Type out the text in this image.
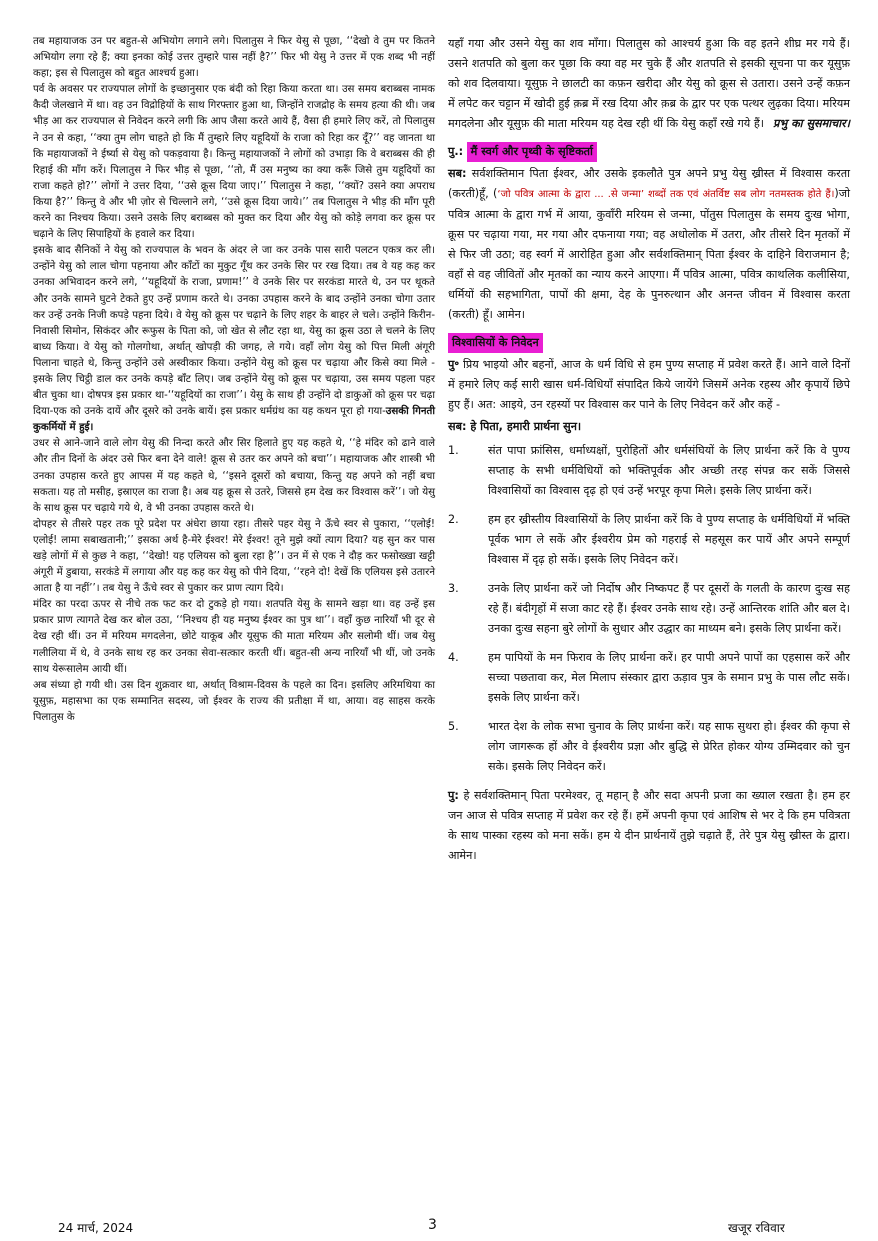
तब महायाजक उन पर बहुत-से अभियोग लगाने लगे। पिलातुस ने फिर येसु से पूछा, ‘‘देखो वे तुम पर कितने अभियोग लगा रहे हैं; क्या इनका कोई उत्तर तुम्हारे पास नहीं है?’’ फिर भी येसु ने उत्तर में एक शब्द भी नहीं कहा; इस से पिलातुस को बहुत आश्चर्य हुआ।

पर्व के अवसर पर राज्यपाल लोगों के इच्छानुसार एक बंदी को रिहा किया करता था। उस समय बराब्बस नामक कैदी जेलखाने में था। वह उन विद्रोहियों के साथ गिरफ्तार हुआ था, जिन्होंने राजद्रोह के समय हत्या की थी। जब भीड़ आ कर राज्यपाल से निवेदन करने लगी कि आप जैसा करते आये हैं, वैसा ही हमारे लिए करें, तो पिलातुस ने उन से कहा, ‘‘क्या तुम लोग चाहते हो कि मैं तुम्हारे लिए यहूदियों के राजा को रिहा कर दूँ?’’ वह जानता था कि महायाजकों ने ईर्ष्या से येसु को पकड़वाया है। किन्तु महायाजकों ने लोगों को उभाड़ा कि वे बराब्बस की ही रिहाई की माँग करें। पिलातुस ने फिर भीड़ से पूछा, ‘‘तो, मैं उस मनुष्य का क्या करूँ जिसे तुम यहूदियों का राजा कहते हो?’’ लोगों ने उत्तर दिया, ‘‘उसे क्रूस दिया जाए।’’ पिलातुस ने कहा, ‘‘क्यों? उसने क्या अपराध किया है?’’ किन्तु वे और भी ज़ोर से चिल्लाने लगे, ‘‘उसे क्रूस दिया जाये।’’ तब पिलातुस ने भीड़ की माँग पूरी करने का निश्चय किया। उसने उसके लिए बराब्बस को मुक्त कर दिया और येसु को कोड़े लगवा कर क्रूस पर चढ़ाने के लिए सिपाहियों के हवाले कर दिया।

इसके बाद सैनिकों ने येसु को राज्यपाल के भवन के अंदर ले जा कर उनके पास सारी पलटन एकत्र कर ली। उन्होंने येसु को लाल चोगा पहनाया और काँटों का मुकुट गूँथ कर उनके सिर पर रख दिया। तब वे यह कह कर उनका अभिवादन करने लगे, ‘‘यहूदियों के राजा, प्रणाम!’’ वे उनके सिर पर सरकंडा मारते थे, उन पर थूकते और उनके सामने घुटने टेकते हुए उन्हें प्रणाम करते थे। उनका उपहास करने के बाद उन्होंने उनका चोगा उतार कर उन्हें उनके निजी कपड़े पहना दिये। वे येसु को क्रूस पर चढ़ाने के लिए शहर के बाहर ले चले। उन्होंने किरीन-निवासी सिमोन, सिकंदर और रूफुस के पिता को, जो खेत से लौट रहा था, येसु का क्रूस उठा ले चलने के लिए बाध्य किया। वे येसु को गोलगोथा, अर्थात् खोपड़ी की जगह, ले गये। वहाँ लोग येसु को पित्त मिली अंगूरी पिलाना चाहते थे, किन्तु उन्होंने उसे अस्वीकार किया। उन्होंने येसु को क्रूस पर चढ़ाया और किसे क्या मिले - इसके लिए चिट्ठी डाल कर उनके कपड़े बाँट लिए। जब उन्होंने येसु को क्रूस पर चढ़ाया, उस समय पहला पहर बीत चुका था। दोषपत्र इस प्रकार था-‘‘यहूदियों का राजा’’। येसु के साथ ही उन्होंने दो डाकुओं को क्रूस पर चढ़ा दिया-एक को उनके दायें और दूसरे को उनके बायें। इस प्रकार धर्मग्रंथ का यह कथन पूरा हो गया-उसकी गिनती कुकर्मियों में हुई।

उधर से आने-जाने वाले लोग येसु की निन्दा करते और सिर हिलाते हुए यह कहते थे, ‘‘हे मंदिर को ढाने वाले और तीन दिनों के अंदर उसे फिर बना देने वाले! क्रूस से उतर कर अपने को बचा’’। महायाजक और शास्त्री भी उनका उपहास करते हुए आपस में यह कहते थे, ‘‘इसने दूसरों को बचाया, किन्तु यह अपने को नहीं बचा सकता। यह तो मसीह, इस्राएल का राजा है। अब यह क्रूस से उतरे, जिससे हम देख कर विश्वास करें’’। जो येसु के साथ क्रूस पर चढ़ाये गये थे, वे भी उनका उपहास करते थे।

दोपहर से तीसरे पहर तक पूरे प्रदेश पर अंधेरा छाया रहा। तीसरे पहर येसु ने ऊँचे स्वर से पुकारा, ‘‘एलोई! एलोई! लामा सबाखतानी;’’ इसका अर्थ है-मेरे ईश्वर! मेरे ईश्वर! तूने मुझे क्यों त्याग दिया? यह सुन कर पास खड़े लोगों में से कुछ ने कहा, ‘‘देखो! यह एलियस को बुला रहा है’’। उन में से एक ने दौड़ कर फसोख्खा खट्टी अंगूरी में डुबाया, सरकंडे में लगाया और यह कह कर येसु को पीने दिया, ‘‘रहने दो! देखें कि एलियस इसे उतारने आता है या नहीं’’। तब येसु ने ऊँचे स्वर से पुकार कर प्राण त्याग दिये।

मंदिर का परदा ऊपर से नीचे तक फट कर दो टुकड़े हो गया। शतपति येसु के सामने खड़ा था। वह उन्हें इस प्रकार प्राण त्यागते देख कर बोल उठा, ‘‘निश्चय ही यह मनुष्य ईश्वर का पुत्र था’’। वहाँ कुछ नारियाँ भी दूर से देख रही थीं। उन में मरियम मगदलेना, छोटे याकूब और यूसुफ की माता मरियम और सलोमी थीं। जब येसु गलीलिया में थे, वे उनके साथ रह कर उनका सेवा-सत्कार करती थीं। बहुत-सी अन्य नारियाँ भी थीं, जो उनके साथ येरूसालेम आयी थीं।

अब संध्या हो गयी थी। उस दिन शुक्रवार था, अर्थात् विश्राम-दिवस के पहले का दिन। इसलिए अरिमथिया का यूसुफ़, महासभा का एक सम्मानित सदस्य, जो ईश्वर के राज्य की प्रतीक्षा में था, आया। वह साहस करके पिलातुस के

यहाँ गया और उसने येसु का शव माँगा। पिलातुस को आश्चर्य हुआ कि वह इतने शीघ्र मर गये हैं। उसने शतपति को बुला कर पूछा कि क्या वह मर चुके हैं और शतपति से इसकी सूचना पा कर यूसुफ़ को शव दिलवाया। यूसुफ़ ने छालटी का कफ़न खरीदा और येसु को क्रूस से उतारा। उसने उन्हें कफ़न में लपेट कर चट्टान में खोदी हुई क़ब्र में रख दिया और क़ब्र के द्वार पर एक पत्थर लुढ़का दिया। मरियम मगदलेना और यूसुफ़ की माता मरियम यह देख रही थीं कि येसु कहाँ रखे गये हैं। प्रभु का सुसमाचार।

पु.: मैं स्वर्ग और पृथ्वी के सृष्टिकर्ता

सब: सर्वशक्तिमान पिता ईश्वर, और उसके इकलौते पुत्र अपने प्रभु येसु ख्रीस्त में विश्वास करता (करती)हूँ, (‘जो पवित्र आत्मा के द्वारा ... .से जन्मा’ शब्दों तक एवं अंतर्विष्ट सब लोग नतमस्तक होते हैं।)जो पवित्र आत्मा के द्वारा गर्भ में आया, कुवाँरी मरियम से जन्मा, पोंतुस पिलातुस के समय दुःख भोगा, क्रूस पर चढ़ाया गया, मर गया और दफनाया गया; वह अधोलोक में उतरा, और तीसरे दिन मृतकों में से फिर जी उठा; वह स्वर्ग में आरोहित हुआ और सर्वशक्तिमान् पिता ईश्वर के दाहिने विराजमान है; वहाँ से वह जीवितों और मृतकों का न्याय करने आएगा। मैं पवित्र आत्मा, पवित्र काथलिक कलीसिया, धर्मियों की सहभागिता, पापों की क्षमा, देह के पुनरुत्थान और अनन्त जीवन में विश्वास करता (करती) हूँ। आमेन।

विश्वासियों के निवेदन

पु॰ प्रिय भाइयो और बहनों, आज के धर्म विधि से हम पुण्य सप्ताह में प्रवेश करते हैं। आने वाले दिनों में हमारे लिए कई सारी खास धर्म-विधियाँ संपादित किये जायेंगे जिसमें अनेक रहस्य और कृपायें छिपे हुए हैं। अत: आइये, उन रहस्यों पर विश्वास कर पाने के लिए निवेदन करें और कहें -

सब: हे पिता, हमारी प्रार्थना सुन।

1.	संत पापा फ्रांसिस, धर्माध्यक्षों, पुरोहितों और धर्मसंघियों के लिए प्रार्थना करें कि वे पुण्य सप्ताह के सभी धर्मविधियों को भक्तिपूर्वक और अच्छी तरह संपन्न कर सकें जिससे विश्वासियों का विश्वास दृढ़ हो एवं उन्हें भरपूर कृपा मिले। इसके लिए प्रार्थना करें।
2.	हम हर ख्रीस्तीय विश्वासियों के लिए प्रार्थना करें कि वे पुण्य सप्ताह के धर्मविधियों में भक्ति पूर्वक भाग ले सकें और ईश्वरीय प्रेम को गहराई से महसूस कर पायें और अपने सम्पूर्ण विश्वास में दृढ़ हो सकें। इसके लिए निवेदन करें।
3.	उनके लिए प्रार्थना करें जो निर्दोष और निष्कपट हैं पर दूसरों के गलती के कारण दुःख सह रहे हैं। बंदीगृहों में सजा काट रहे हैं। ईश्वर उनके साथ रहे। उन्हें आन्तिरक शांति और बल दे। उनका दुःख सहना बुरे लोगों के सुधार और उद्धार का माध्यम बने। इसके लिए प्रार्थना करें।
4.	हम पापियों के मन फिराव के लिए प्रार्थना करें। हर पापी अपने पापों का एहसास करें और सच्चा पछतावा कर, मेल मिलाप संस्कार द्वारा ऊड़ाव पुत्र के समान प्रभु के पास लौट सकें। इसके लिए प्रार्थना करें।
5.	भारत देश के लोक सभा चुनाव के लिए प्रार्थना करें। यह साफ सुथरा हो। ईश्वर की कृपा से लोग जागरूक हों और वे ईश्वरीय प्रज्ञा और बुद्धि से प्रेरित होकर योग्य उम्मिदवार को चुन सके। इसके लिए निवेदन करें।

पु: हे सर्वशक्तिमान् पिता परमेश्वर, तू महान् है और सदा अपनी प्रजा का ख्याल रखता है। हम हर जन आज से पवित्र सप्ताह में प्रवेश कर रहे हैं। हमें अपनी कृपा एवं आशिष से भर दे कि हम पवित्रता के साथ पास्का रहस्य को मना सकें। हम ये दीन प्रार्थनायें तुझे चढ़ाते हैं, तेरे पुत्र येसु ख्रीस्त के द्वारा। आमेन।

24 मार्च, 2024	3	खजूर रविवार
